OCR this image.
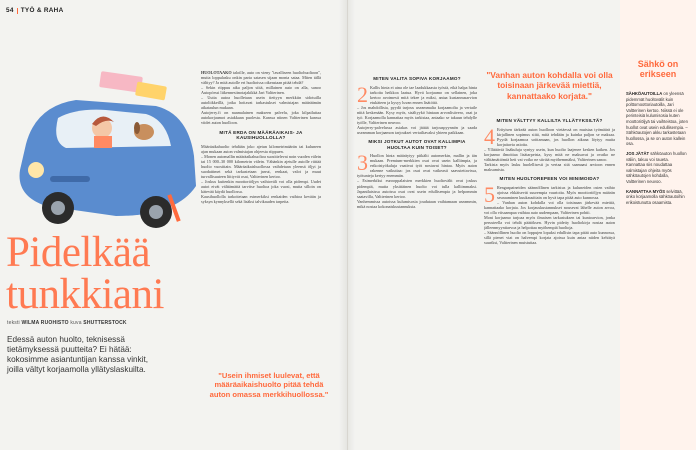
54 TYÖ & RAHA
Pidelkää
tunkkiani
teksti WILMA RUOHISTO kuva SHUTTERSTOCK
Edessä auton huolto, teknisessä tietämyksessä puutteita? Ei hätää: kokosimme asiantuntijan kanssa vinkit, joilla vältyt korjaamolla yllätyslaskuilta.

HUOLOTAAKO taloille, auto on vieny "tavalliseen huoltohuoltoon", mutta loppulasku onkin paria satasen sijaan monta sataa. Miten tällä välttyy? Ja mitä autolle eri huoltoissa oikeastaan pitää tehdä?

– Sekin riippuu aika paljon siitä, millainen auto on alla, sanoo Autopörssi liikennesitnotajakikkä Jari Valtterinen.

– Uutta autoa huolletaan usein tiettyyn merkkiin sidotuilla autoliikkeillä, jotka hoitavat tarkastukset valmistajan määräämän aikataulun mukaan.

Autojerry.fi on naamalainen makseen palvelu, joka kilpailuttaa autokorjaamot asiakkaan puolesta. Kanssa niinen Valtterinen kanssa viidet auton huolloon.

MITÄ ERDA ON MÄÄRÄAIKAIS- JA KAUSIHUOLLOLLA?

Määräaikahuolto tehdään joko ajetun kilometrimäärän tai kuluneen ajan mukaan auton valmistajan ohjeesta riippuen.

– Monen automallin määräaikahuoltoa suosittelevat noin vuoden välein tai 15 000–30 000 kilometrin välein. Vähänkin ajetulle autolle riittää huolto vuosittain. Määräaikaishuollossa vaihdetaan yleensä öljyt ja suodattimet sekä tarkastetaan jarrut, renkaat, valot ja muut turvallisuuteen liittyvät osat, Valtterinen kertoo.

– Joskus kuitenkin moottoriöljyn vaihtoväli voi olla pidempi. Uudet autot eivät välttämättä tarvitse huoltoa joka vuosi, mutta silloin on kätevää käydä huollossa.

Kausihuollolla tarkoitetaan esimerkiksi renkaiden vaihtoa kevään ja syksyn kynnyksellä sekä lisäksi talvikauden tarpeita.

MITEN VALITA SOPIVA KORJAAMO?
2 Kallis hinta ei aina ole tae laadukkaasta työstä, eikä halpa hinta tarkoita heikkoa laatua. Hyvä korjaamo on sellainen, joka kertoo avoimesti mitä tekee ja miksi, antaa kustannusarvion etukäteen ja kysyy luvan ennen lisätöitä.

– Jos mahdollista, pyydä tarjous useammalta korjaamolta ja vertaile niitä keskenään. Kysy myös, sisältyykö hintaan arvonlisävero, osat ja työ. Korjaamolla kannattaa myös tarkistaa, antaako se takuun tehdylle työlle, Valtterinen neuvoo.

Autojerry-palvelussa asiakas voi jättää tarjouspyynnön ja saada useamman korjaamon tarjoukset vertailtavaksi yhteen paikkaan.

MIKSI JOTKUT AUTOT OVAT KALLIMPIA HUOLTAA KUIN TOISET?
3 Huollon hinta määräytyy pitkälti automerkin, mallin ja iän mukaan. Premium-merkkien osat ovat usein kalliimpia, ja erikoistyökaluja vaativat työt nostavat hintaa. Myös auton rakenne vaikuttaa: jos osat ovat vaikeasti saavutettavissa, työtunteja kertyy enemmän.

– Esimerkiksi eurooppalaisten merkkien huoltovälit ovat joskus pidempiä, mutta yksittäinen huolto voi tulla kalliimmaksi. Japanilaisissa autoissa osat ovat usein edullisempia ja helpommin saatavilla, Valtterinen kertoo.

Vanhemmissa autoissa kulumisosia joudutaan vaihtamaan useammin, mikä nostaa kokonaiskustannuksia.

"Usein ihmiset luulevat, että määräaikaishuolto pitää tehdä auton omassa merkkihuollossa."
"Vanhan auton kohdalla voi olla toisinaan järkevää miettiä, kannattaako korjata."
MITEN VÄLTTYY KALLILTA YLLÄTYKSILTÄ?
4 Erityisen tärkeää auton huolloon vietäessä on muistaa työmäärä ja kirjallinen sopimus siitä, mitä tehdään ja kuinka paljon se maksaa. Pyydä korjaamoa soittamaan, jos huollon aikana löytyy muita korjattavia asioita.

– Yllättäviä lisäkuluja syntyy usein, kun huolto laajenee kesken kaiken. Jos korjaamo ilmoittaa lisätarpeista, kysy mitä ne maksavat ja ovatko ne välttämättömiä heti vai voiko ne siirtää myöhemmäksi, Valtterinen sanoo.

Tarkista myös lasku huolellisesti ja vertaa sitä saamaasi arvioon ennen maksamista.

MITEN HUOLTOREPEEN VOI MINIMOIDA?
5 Rengaspaineiden säännöllinen tarkistus ja kuluneiden osien vaihto ajoissa ehkäisevät suurempia vaurioita. Myös moottoriöljyn määrän seuraaminen kuukausittain on hyvä tapa pitää auto kunnossa.

– Vanhan auton kohdalla voi olla toisinaan järkevää miettiä, kannattaako korjata. Jos korjauskustannukset nousevat lähelle auton arvoa, voi olla viisaampaa vaihtaa auto uudempaan, Valtterinen pohtii.

Moni korjaamo tarjoaa myös ilmaisen tarkastuksen tai kuntoarvion, jonka perusteella voi tehdä päätöksen. Hyvin pidetty huoltokirja nostaa auton jälleenmyyntiarvoa ja helpottaa myöhempiä huoltoja.

– Säännöllinen huolto on loppujen lopuksi edullisin tapa pitää auto kunnossa, sillä pienet viat on halvempi korjata ajoissa kuin antaa niiden kehittyä suuriksi, Valtterinen muistuttaa.

Sähkö on erikseen

SÄHKÖAUTOILLA on yleensä pidemmät huoltovälit kuin polttomoottoriautoilla, Jari Valtterinen kertoo. Niissä ei ole perinteisiä kulumisosia kuten moottoriöljyä tai vaihteistoa, joten huollot ovat usein edullisempia. – Sähköautojen akku tarkastetaan huollossa, ja se on auton kallein osa.

JOS JÄTÄT sähköauton huollon väliin, takuu voi raueta. Kannattaa siis noudattaa valmistajan ohjeita myös sähköautojen kohdalla, Valtterinen neuvoo.

KANNATTAA MYÖS selvittää, onko korjaamolla sähköautoihin erikoistunutta osaamista.
